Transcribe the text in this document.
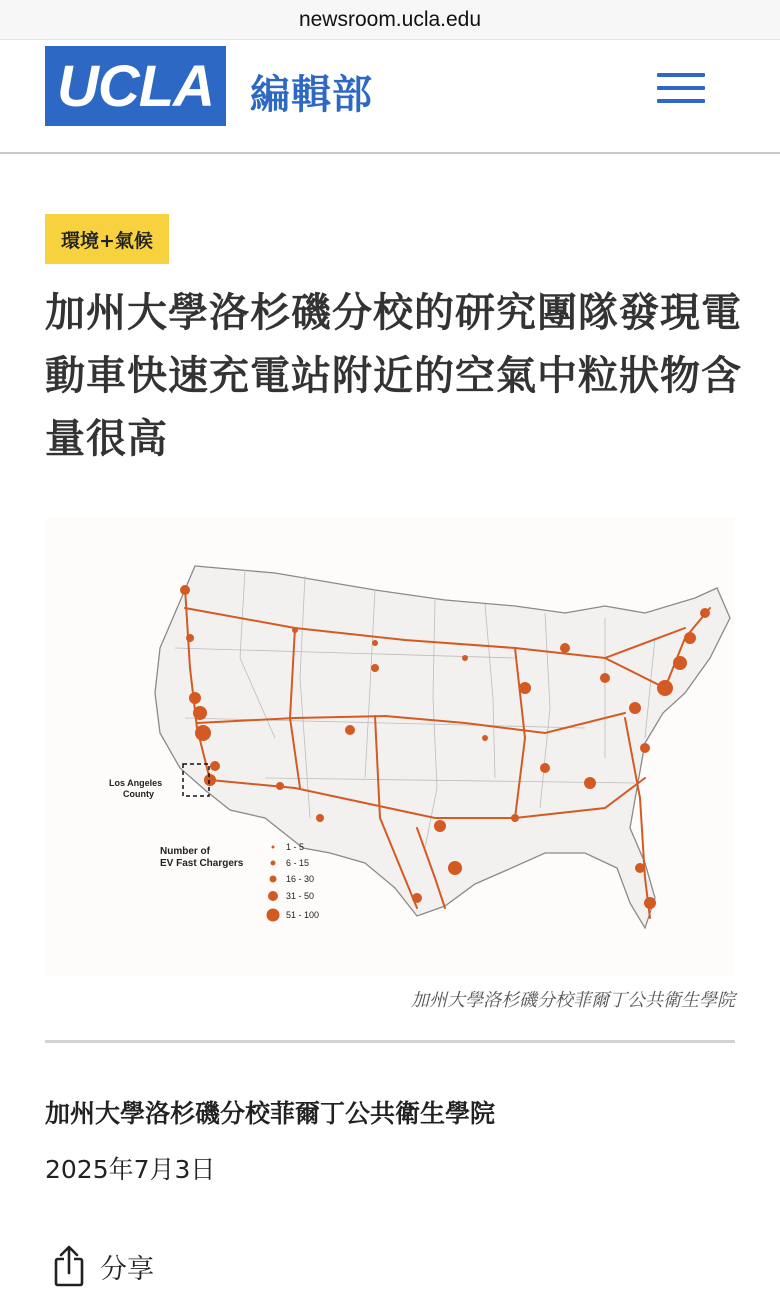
newsroom.ucla.edu
UCLA 編輯部
環境+氣候
加州大學洛杉磯分校的研究團隊發現電動車快速充電站附近的空氣中粒狀物含量很高
Los Angeles County
Number of EV Fast Chargers
1 - 5
6 - 15
16 - 30
31 - 50
51 - 100
加州大學洛杉磯分校菲爾丁公共衛生學院
加州大學洛杉磯分校菲爾丁公共衛生學院
2025年7月3日
分享
